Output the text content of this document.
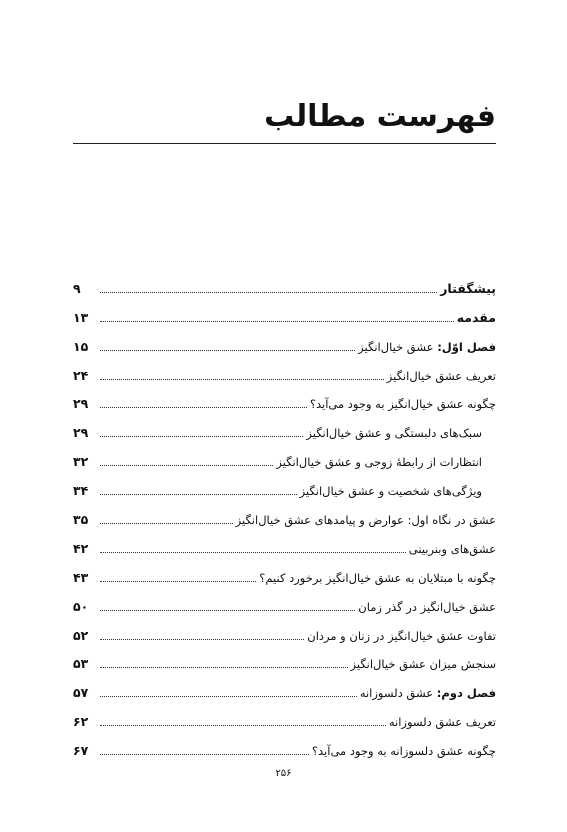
فهرست مطالب
پیشگفتار
۹
مقدمه
۱۳
فصل اوّل: عشق خیال‌انگیز
۱۵
تعریف عشق خیال‌انگیز
۲۴
چگونه عشق خیال‌انگیز به وجود می‌آید؟
۲۹
سبک‌های دلبستگی و عشق خیال‌انگیز
۲۹
انتظارات از رابطۀ زوجی و عشق خیال‌انگیز
۳۲
ویژگی‌های شخصیت و عشق خیال‌انگیز
۳۴
عشق در نگاه اول: عوارض و پیامدهای عشق خیال‌انگیز
۳۵
عشق‌های وبنربینی
۴۲
چگونه با مبتلایان به عشق خیال‌انگیز برخورد کنیم؟
۴۳
عشق خیال‌انگیز در گذر زمان
۵۰
تفاوت عشق خیال‌انگیز در زنان و مردان
۵۲
سنجش میزان عشق خیال‌انگیز
۵۳
فصل دوم: عشق دلسوزانه
۵۷
تعریف عشق دلسوزانه
۶۲
چگونه عشق دلسوزانه به وجود می‌آید؟
۶۷
۲۵۶
